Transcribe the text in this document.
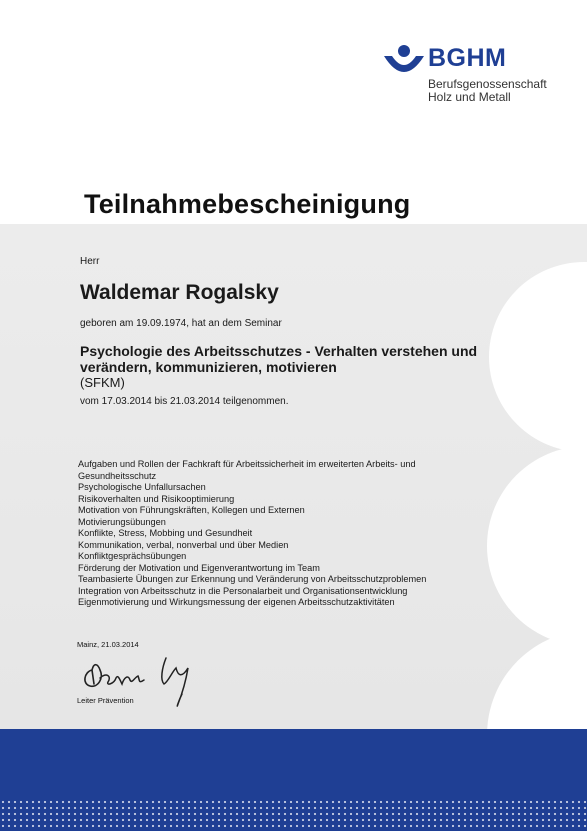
BGHM
Berufsgenossenschaft
Holz und Metall
Teilnahmebescheinigung
Herr
Waldemar Rogalsky
geboren am 19.09.1974, hat an dem Seminar
Psychologie des Arbeitsschutzes - Verhalten verstehen und
verändern, kommunizieren, motivieren
(SFKM)
vom 17.03.2014 bis 21.03.2014 teilgenommen.
Aufgaben und Rollen der Fachkraft für Arbeitssicherheit im erweiterten Arbeits- und
Gesundheitsschutz
Psychologische Unfallursachen
Risikoverhalten und Risikooptimierung
Motivation von Führungskräften, Kollegen und Externen
Motivierungsübungen
Konflikte, Stress, Mobbing und Gesundheit
Kommunikation, verbal, nonverbal und über Medien
Konfliktgesprächsübungen
Förderung der Motivation und Eigenverantwortung im Team
Teambasierte Übungen zur Erkennung und Veränderung von Arbeitsschutzproblemen
Integration von Arbeitsschutz in die Personalarbeit und Organisationsentwicklung
Eigenmotivierung und Wirkungsmessung der eigenen Arbeitsschutzaktivitäten
Mainz, 21.03.2014
Leiter Prävention
